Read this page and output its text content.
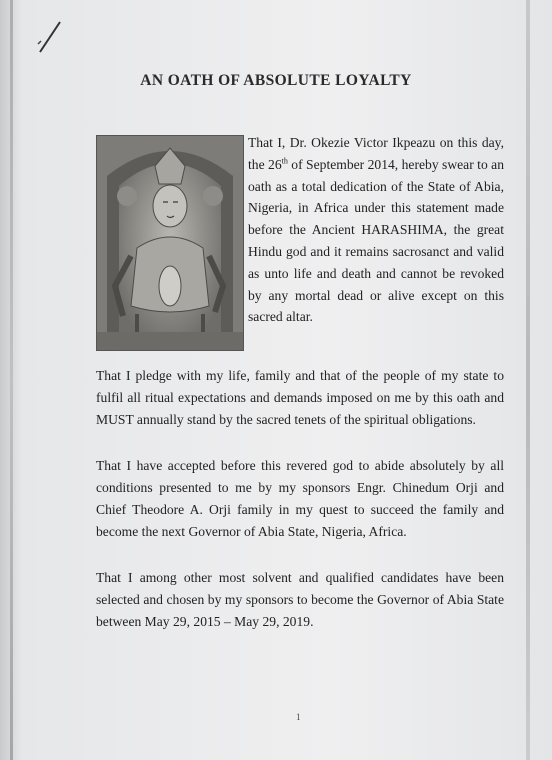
AN OATH OF ABSOLUTE LOYALTY
That I, Dr. Okezie Victor Ikpeazu on this day, the 26th of September 2014, hereby swear to an oath as a total dedication of the State of Abia, Nigeria, in Africa under this statement made before the Ancient HARASHIMA, the great Hindu god and it remains sacrosanct and valid as unto life and death and cannot be revoked by any mortal dead or alive except on this sacred altar.
That I pledge with my life, family and that of the people of my state to fulfil all ritual expectations and demands imposed on me by this oath and MUST annually stand by the sacred tenets of the spiritual obligations.
That I have accepted before this revered god to abide absolutely by all conditions presented to me by my sponsors Engr. Chinedum Orji and Chief Theodore A. Orji family in my quest to succeed the family and become the next Governor of Abia State, Nigeria, Africa.
That I among other most solvent and qualified candidates have been selected and chosen by my sponsors to become the Governor of Abia State between May 29, 2015 – May 29, 2019.
1
